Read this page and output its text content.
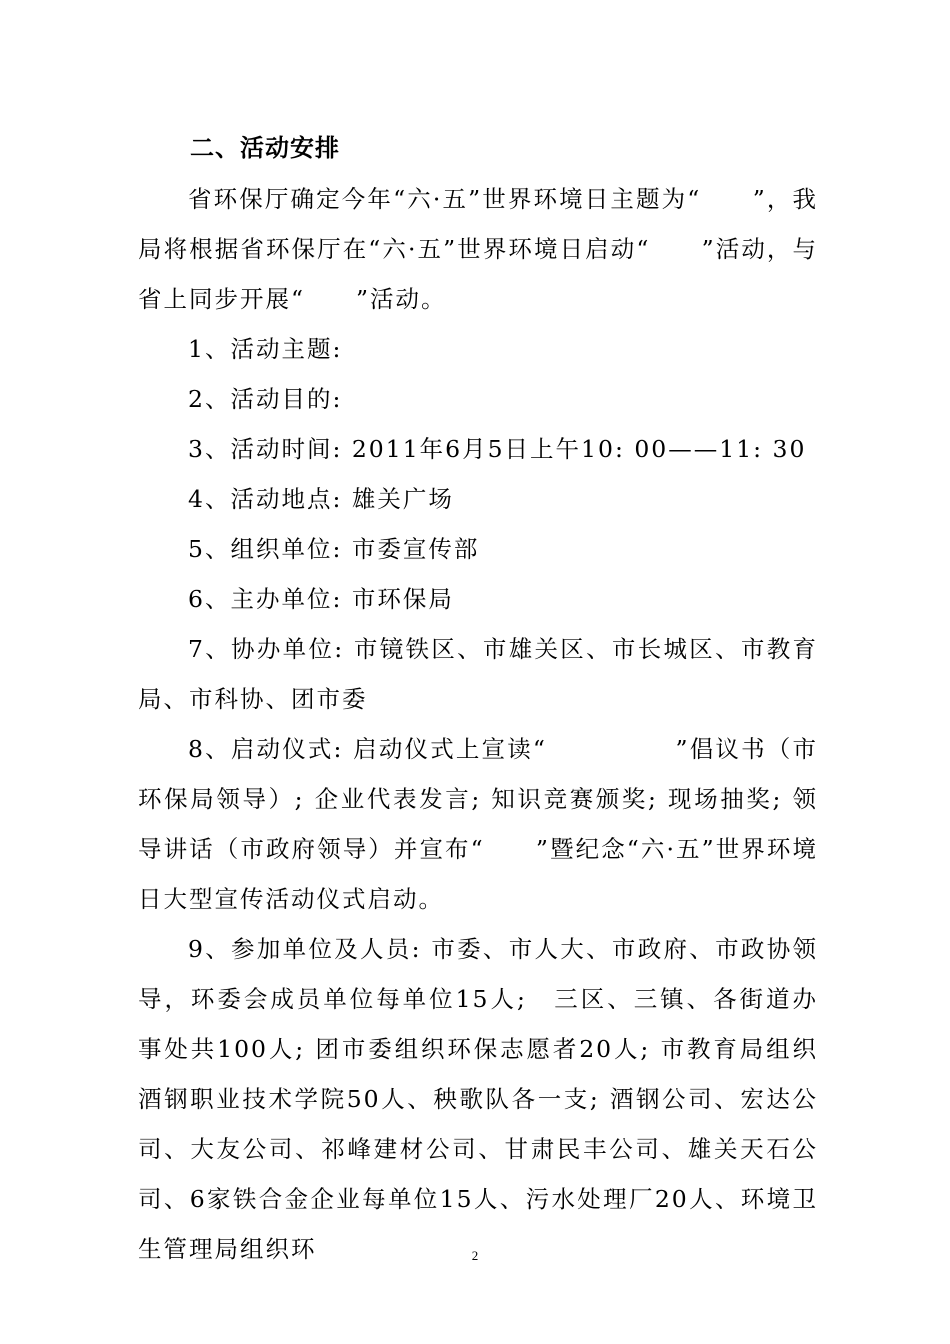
二、活动安排

省环保厅确定今年“六·五”世界环境日主题为“　　”，我局将根据省环保厅在“六·五”世界环境日启动“　　”活动，与省上同步开展“　　”活动。

1、活动主题:

2、活动目的:

3、活动时间: 2011年6月5日上午10: 00——11: 30

4、活动地点: 雄关广场

5、组织单位: 市委宣传部

6、主办单位: 市环保局

7、协办单位: 市镜铁区、市雄关区、市长城区、市教育局、市科协、团市委

8、启动仪式: 启动仪式上宣读“　　　　　”倡议书（市环保局领导）; 企业代表发言; 知识竞赛颁奖; 现场抽奖; 领导讲话（市政府领导）并宣布“　　”暨纪念“六·五”世界环境日大型宣传活动仪式启动。

9、参加单位及人员: 市委、市人大、市政府、市政协领导，环委会成员单位每单位15人;　三区、三镇、各街道办事处共100人; 团市委组织环保志愿者20人; 市教育局组织酒钢职业技术学院50人、秧歌队各一支; 酒钢公司、宏达公司、大友公司、祁峰建材公司、甘肃民丰公司、雄关天石公司、6家铁合金企业每单位15人、污水处理厂20人、环境卫生管理局组织环	2
